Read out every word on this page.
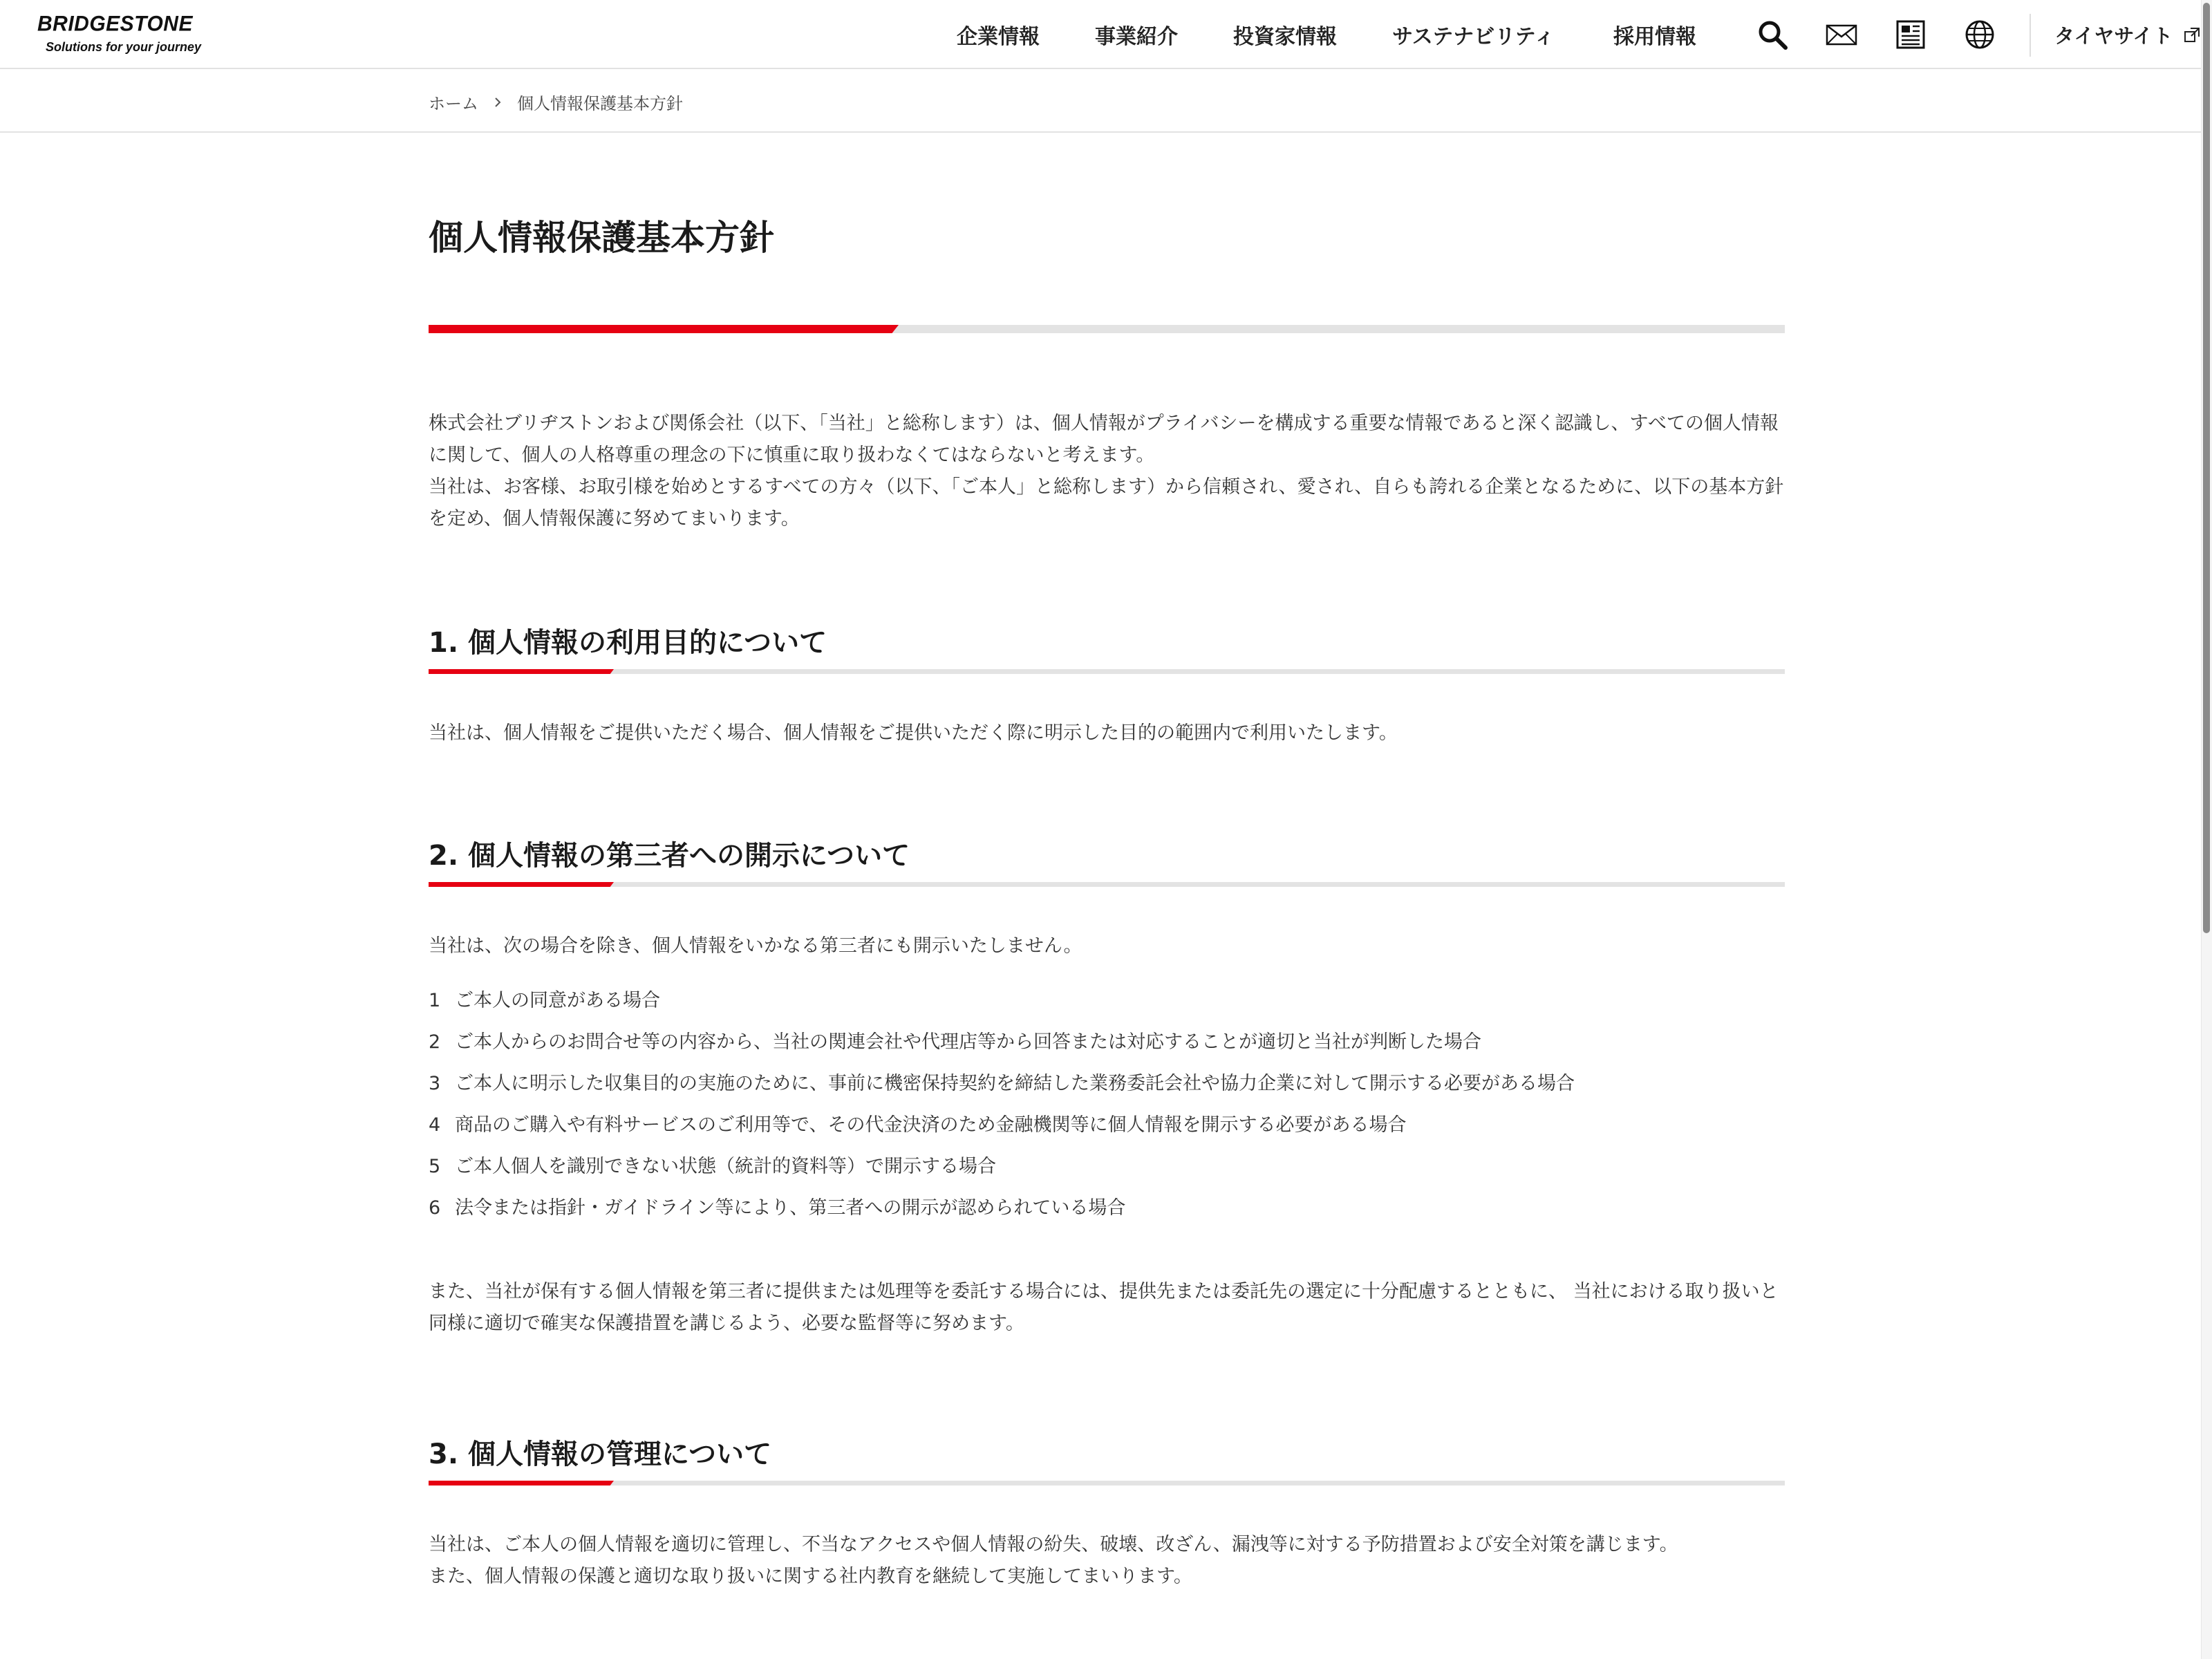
BRIDGESTONE
Solutions for your journey	企業情報	事業紹介	投資家情報	サステナビリティ	採用情報	タイヤサイト
ホーム 個人情報保護基本方針
個人情報保護基本方針

株式会社ブリヂストンおよび関係会社（以下、「当社」と総称します）は、個人情報がプライバシーを構成する重要な情報であると深く認識し、すべての個人情報に関して、個人の人格尊重の理念の下に慎重に取り扱わなくてはならないと考えます。

当社は、お客様、お取引様を始めとするすべての方々（以下、「ご本人」と総称します）から信頼され、愛され、自らも誇れる企業となるために、以下の基本方針を定め、個人情報保護に努めてまいります。

1. 個人情報の利用目的について

当社は、個人情報をご提供いただく場合、個人情報をご提供いただく際に明示した目的の範囲内で利用いたします。

2. 個人情報の第三者への開示について

当社は、次の場合を除き、個人情報をいかなる第三者にも開示いたしません。

1 ご本人の同意がある場合
2 ご本人からのお問合せ等の内容から、当社の関連会社や代理店等から回答または対応することが適切と当社が判断した場合
3 ご本人に明示した収集目的の実施のために、事前に機密保持契約を締結した業務委託会社や協力企業に対して開示する必要がある場合
4 商品のご購入や有料サービスのご利用等で、その代金決済のため金融機関等に個人情報を開示する必要がある場合
5 ご本人個人を識別できない状態（統計的資料等）で開示する場合
6 法令または指針・ガイドライン等により、第三者への開示が認められている場合

また、当社が保有する個人情報を第三者に提供または処理等を委託する場合には、提供先または委託先の選定に十分配慮するとともに、 当社における取り扱いと同様に適切で確実な保護措置を講じるよう、必要な監督等に努めます。

3. 個人情報の管理について

当社は、ご本人の個人情報を適切に管理し、不当なアクセスや個人情報の紛失、破壊、改ざん、漏洩等に対する予防措置および安全対策を講じます。

また、個人情報の保護と適切な取り扱いに関する社内教育を継続して実施してまいります。
